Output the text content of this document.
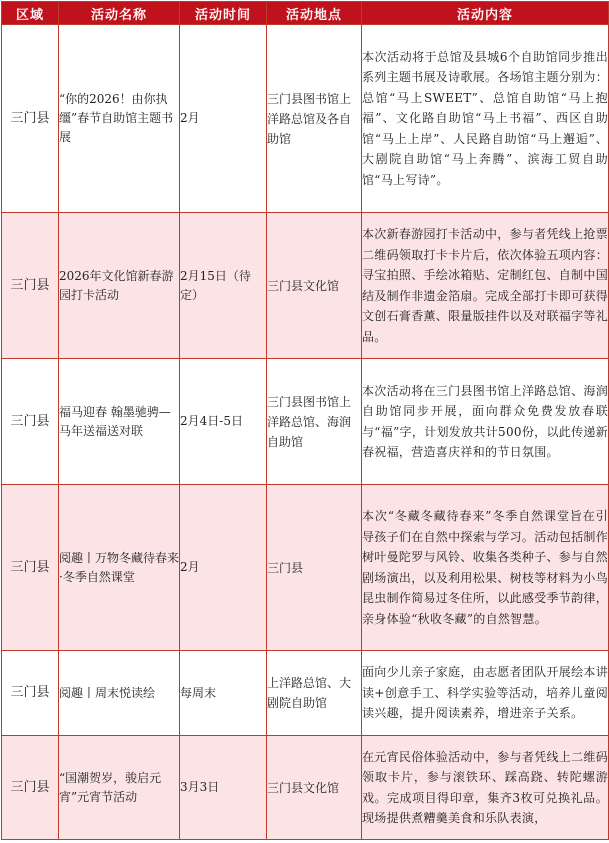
区域	活动名称	活动时间	活动地点	活动内容
三门县	“你的2026！由你执缰”春节自助馆主题书展	2月	三门县图书馆上洋路总馆及各自助馆	本次活动将于总馆及县城6个自助馆同步推出系列主题书展及诗歌展。各场馆主题分别为：总馆“马上SWEET”、总馆自助馆“马上抱福”、文化路自助馆“马上书福”、西区自助馆“马上上岸”、人民路自助馆“马上邂逅”、大剧院自助馆“马上奔腾”、滨海工贸自助馆“马上写诗”。
三门县	2026年文化馆新春游园打卡活动	2月15日（待定）	三门县文化馆	本次新春游园打卡活动中，参与者凭线上抢票二维码领取打卡卡片后，依次体验五项内容：寻宝拍照、手绘冰箱贴、定制红包、自制中国结及制作非遗金箔扇。完成全部打卡即可获得文创石膏香薰、限量版挂件以及对联福字等礼品。
三门县	福马迎春 翰墨驰骋—马年送福送对联	2月4日-5日	三门县图书馆上洋路总馆、海润自助馆	本次活动将在三门县图书馆上洋路总馆、海润自助馆同步开展，面向群众免费发放春联与“福”字，计划发放共计500份，以此传递新春祝福，营造喜庆祥和的节日氛围。
三门县	阅趣丨万物冬藏待春来·冬季自然课堂	2月	三门县	本次“冬藏冬藏待春来”冬季自然课堂旨在引导孩子们在自然中探索与学习。活动包括制作树叶曼陀罗与风铃、收集各类种子、参与自然剧场演出，以及利用松果、树枝等材料为小鸟昆虫制作简易过冬住所，以此感受季节韵律，亲身体验“秋收冬藏”的自然智慧。
三门县	阅趣丨周末悦读绘	每周末	上洋路总馆、大剧院自助馆	面向少儿亲子家庭，由志愿者团队开展绘本讲读+创意手工、科学实验等活动，培养儿童阅读兴趣，提升阅读素养，增进亲子关系。
三门县	“国潮贺岁，骏启元宵”元宵节活动	3月3日	三门县文化馆	在元宵民俗体验活动中，参与者凭线上二维码领取卡片，参与滚铁环、踩高跷、转陀螺游戏。完成项目得印章，集齐3枚可兑换礼品。现场提供煮糟羹美食和乐队表演，
